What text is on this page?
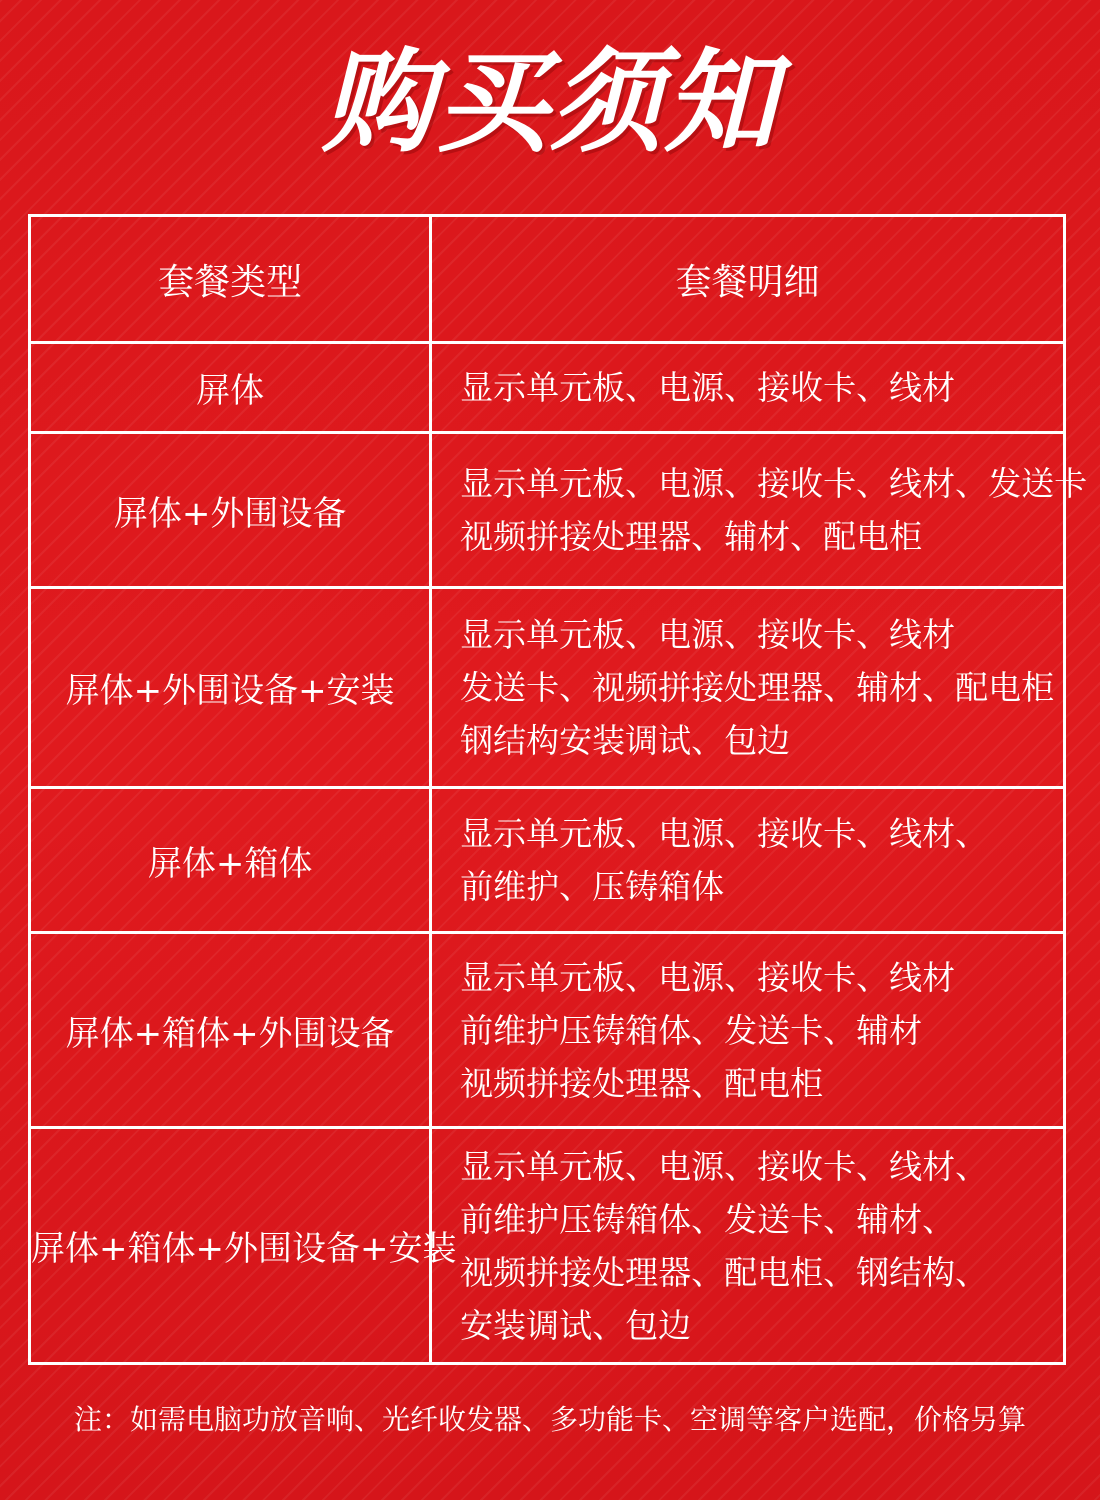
购买须知
套餐类型	套餐明细
屏体	显示单元板、电源、接收卡、线材

屏体+外围设备	显示单元板、电源、接收卡、线材、发送卡
视频拼接处理器、辅材、配电柜

屏体+外围设备+安装	显示单元板、电源、接收卡、线材
发送卡、视频拼接处理器、辅材、配电柜
钢结构安装调试、包边

屏体+箱体	显示单元板、电源、接收卡、线材、
前维护、压铸箱体

屏体+箱体+外围设备	显示单元板、电源、接收卡、线材
前维护压铸箱体、发送卡、辅材
视频拼接处理器、配电柜

屏体+箱体+外围设备+安装	显示单元板、电源、接收卡、线材、
前维护压铸箱体、发送卡、辅材、
视频拼接处理器、配电柜、钢结构、
安装调试、包边
注：如需电脑功放音响、光纤收发器、多功能卡、空调等客户选配，价格另算
